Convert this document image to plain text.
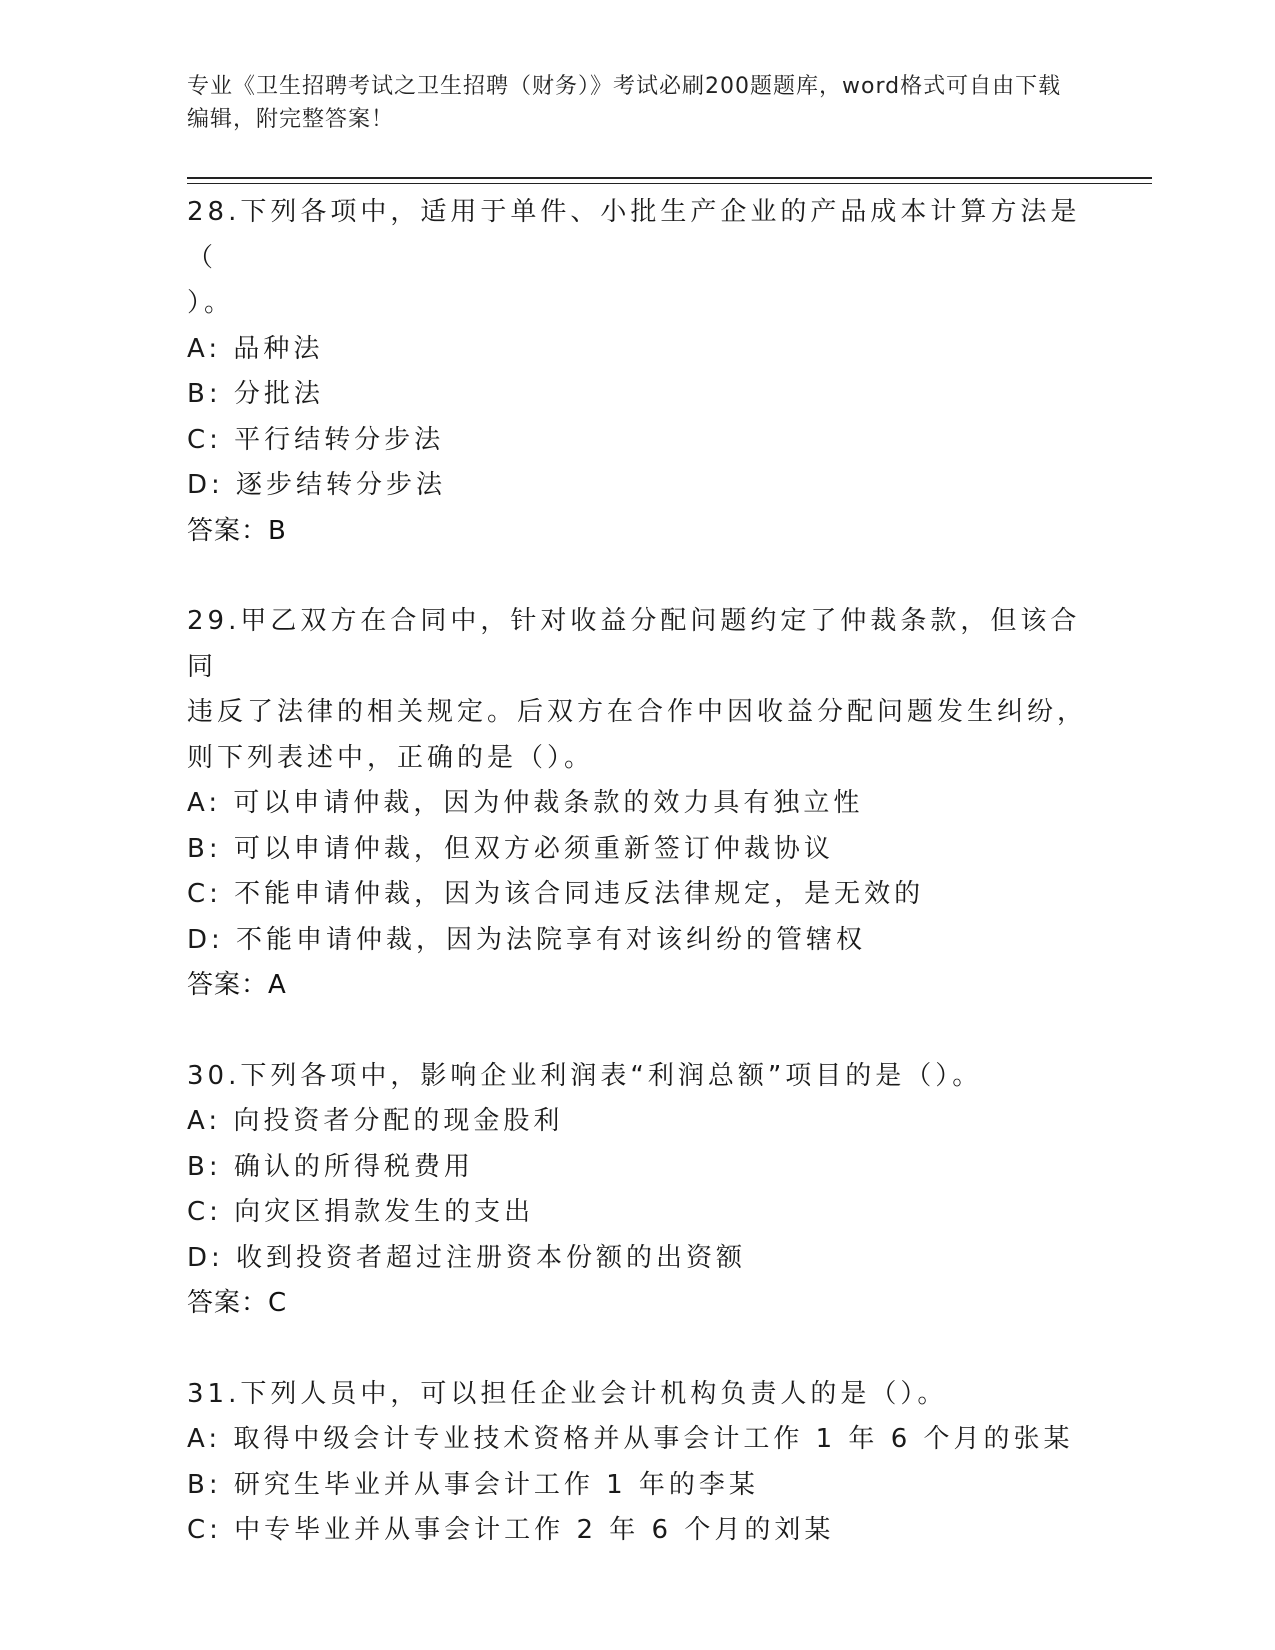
专业《卫生招聘考试之卫生招聘（财务）》考试必刷200题题库，word格式可自由下载编辑，附完整答案！
28.下列各项中，适用于单件、小批生产企业的产品成本计算方法是（
）。
A: 品种法
B: 分批法
C: 平行结转分步法
D: 逐步结转分步法
答案：B
29.甲乙双方在合同中，针对收益分配问题约定了仲裁条款，但该合同
违反了法律的相关规定。后双方在合作中因收益分配问题发生纠纷，
则下列表述中，正确的是（）。
A: 可以申请仲裁，因为仲裁条款的效力具有独立性
B: 可以申请仲裁，但双方必须重新签订仲裁协议
C: 不能申请仲裁，因为该合同违反法律规定，是无效的
D: 不能申请仲裁，因为法院享有对该纠纷的管辖权
答案：A
30.下列各项中，影响企业利润表“利润总额”项目的是（）。
A: 向投资者分配的现金股利
B: 确认的所得税费用
C: 向灾区捐款发生的支出
D: 收到投资者超过注册资本份额的出资额
答案：C
31.下列人员中，可以担任企业会计机构负责人的是（）。
A: 取得中级会计专业技术资格并从事会计工作 1 年 6 个月的张某
B: 研究生毕业并从事会计工作 1 年的李某
C: 中专毕业并从事会计工作 2 年 6 个月的刘某
